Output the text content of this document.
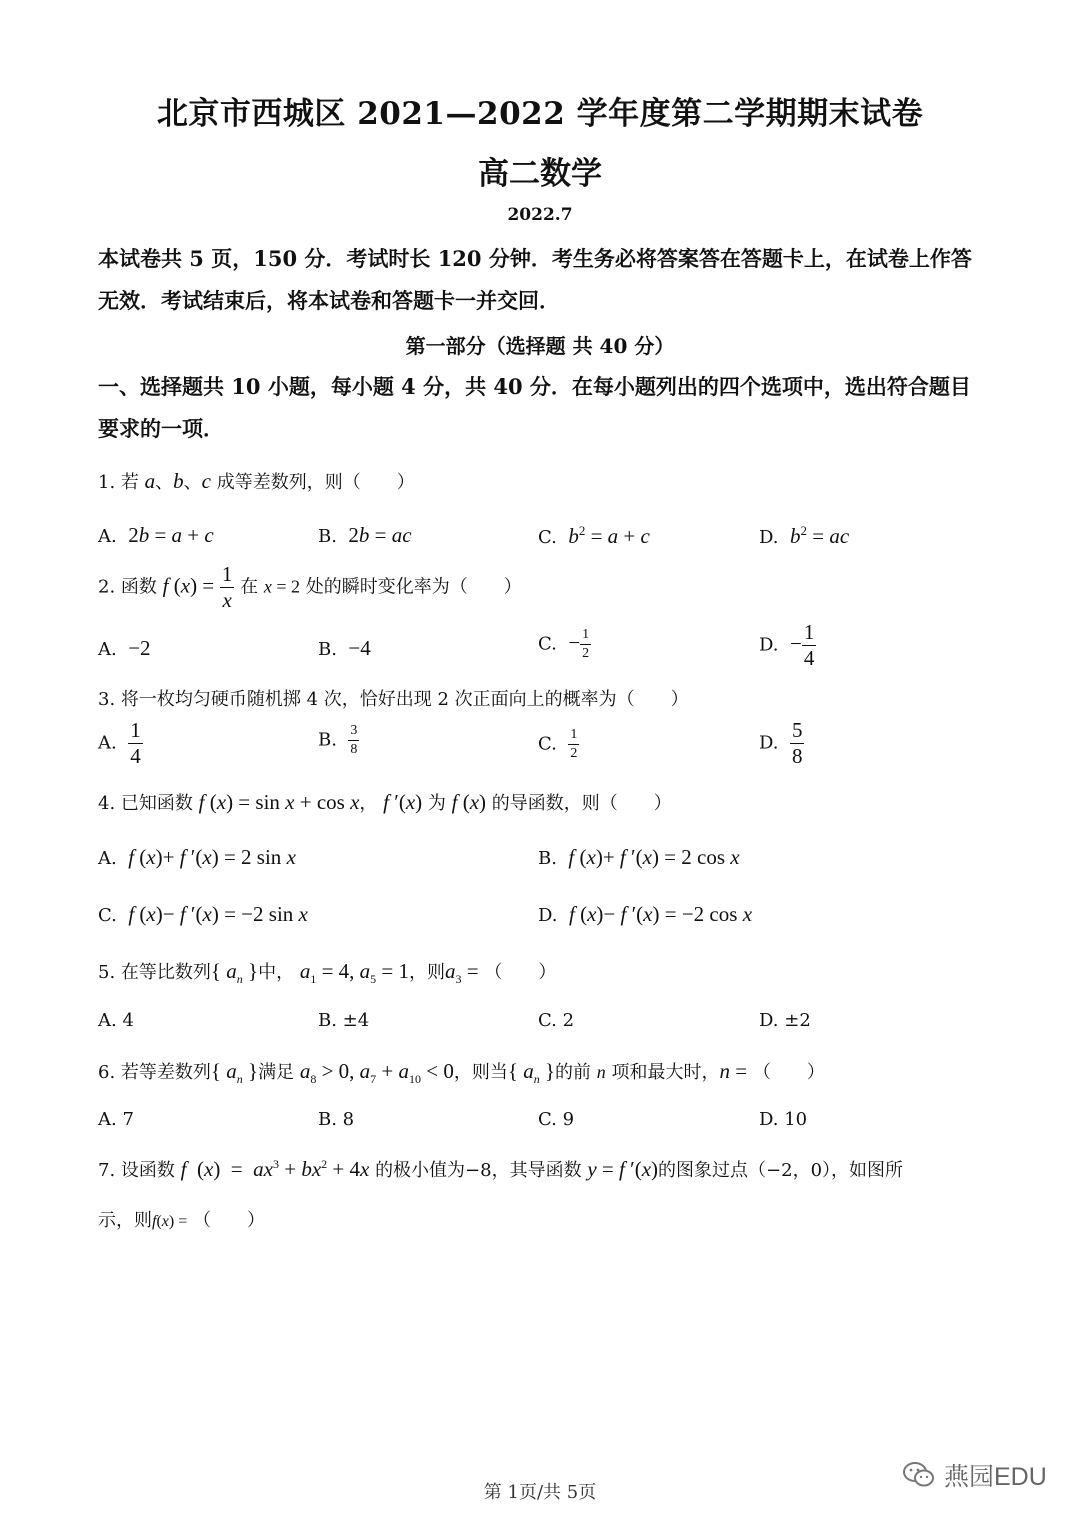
北京市西城区 2021—2022 学年度第二学期期末试卷
高二数学
2022.7
本试卷共 5 页，150 分．考试时长 120 分钟．考生务必将答案答在答题卡上，在试卷上作答无效．考试结束后，将本试卷和答题卡一并交回．
第一部分（选择题 共 40 分）
一、选择题共 10 小题，每小题 4 分，共 40 分．在每小题列出的四个选项中，选出符合题目要求的一项．
1. 若 a、b、c 成等差数列，则（　　）
A. 2b = a + c	B. 2b = ac	C. $b^2 = a + c$	D. $b^2$ = ac
2. 函数 f $(x) = \frac{1}{x}$ 在 x = 2 处的瞬时变化率为（　　）
A. −2	B. −4	C. − $\frac{1}{2}$	D. − $\frac{1}{4}$
3. 将一枚均匀硬币随机掷 4 次，恰好出现 2 次正面向上的概率为（　　）
A. $\frac{1}{4}$	B. $\frac{3}{8}$	C. $\frac{1}{2}$	D. $\frac{5}{8}$
4. 已知函数 f (x) = sin x + cos x， f ′(x) 为 f (x) 的导函数，则（　　）
A. f (x)+ f ′(x) = 2 sin x	B. f (x)+ f ′(x) = 2 cos x
C. f (x)− f ′(x) = −2 sin x	D. f (x)− f ′(x) = −2 cos x
5. 在等比数列{ $a_n$ }中， $a_1 = 4$, $a_5 = 1$，则$a_3$ = （　　）
A. 4	B. ±4	C. 2	D. ±2
6. 若等差数列{ $a_n$ }满足 $a_8 > 0$, $a_7 + a_{10} < 0$，则当{ $a_n$ }的前 n 项和最大时，n = （　　）
A. 7	B. 8	C. 9	D. 10
7. 设函数 f  $(x) = ax^3 + bx^2 + 4x$ 的极小值为−8，其导函数 y = f ′(x)的图象过点（−2，0），如图所
示，则f(x) = （　　）
第 1页/共 5页
燕园EDU
